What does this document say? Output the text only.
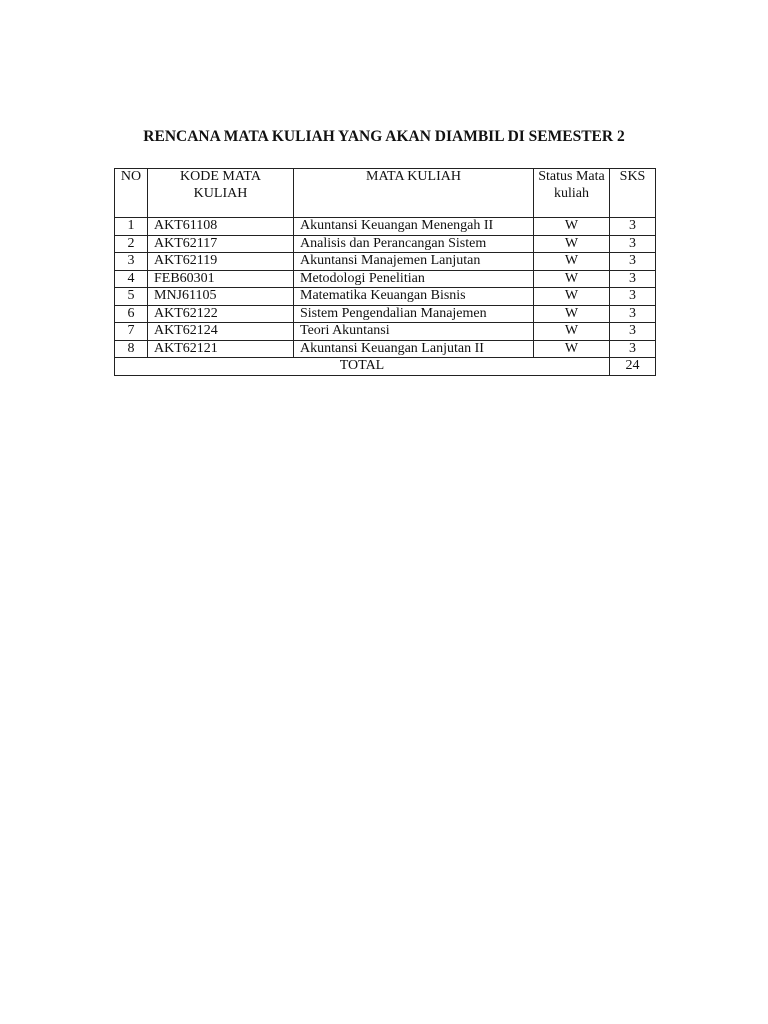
RENCANA MATA KULIAH YANG AKAN DIAMBIL DI SEMESTER 2
NO	KODE MATA KULIAH	MATA KULIAH	Status Matakuliah	SKS
1	AKT61108	Akuntansi Keuangan Menengah II	W	3
2	AKT62117	Analisis dan Perancangan Sistem	W	3
3	AKT62119	Akuntansi Manajemen Lanjutan	W	3
4	FEB60301	Metodologi Penelitian	W	3
5	MNJ61105	Matematika Keuangan Bisnis	W	3
6	AKT62122	Sistem Pengendalian Manajemen	W	3
7	AKT62124	Teori Akuntansi	W	3
8	AKT62121	Akuntansi Keuangan Lanjutan II	W	3
TOTAL				24
